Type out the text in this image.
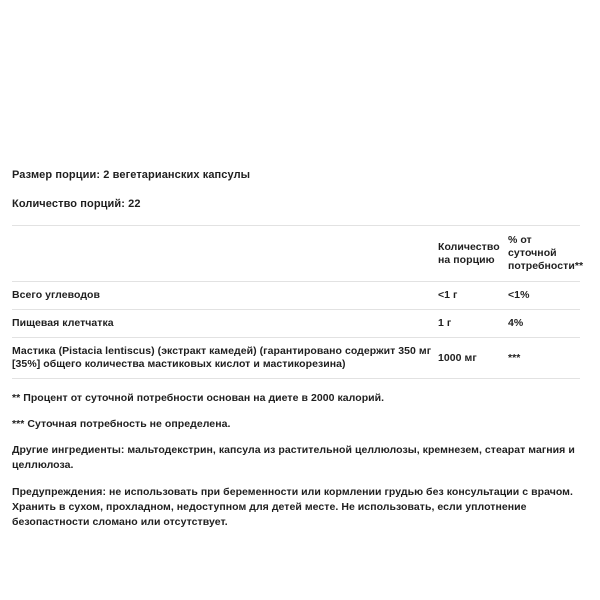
Размер порции: 2 вегетарианских капсулы

Количество порций: 22

	Количество на порцию	% от суточной потребности**
Всего углеводов	<1 г	<1%
Пищевая клетчатка	1 г	4%
Мастика (Pistacia lentiscus) (экстракт камедей) (гарантировано содержит 350 мг [35%] общего количества мастиковых кислот и мастикорезина)	1000 мг	***

** Процент от суточной потребности основан на диете в 2000 калорий.

*** Суточная потребность не определена.

Другие ингредиенты: мальтодекстрин, капсула из растительной целлюлозы, кремнезем, стеарат магния и целлюлоза.

Предупреждения: не использовать при беременности или кормлении грудью без консультации с врачом. Хранить в сухом, прохладном, недоступном для детей месте. Не использовать, если уплотнение безопастности сломано или отсутствует.
